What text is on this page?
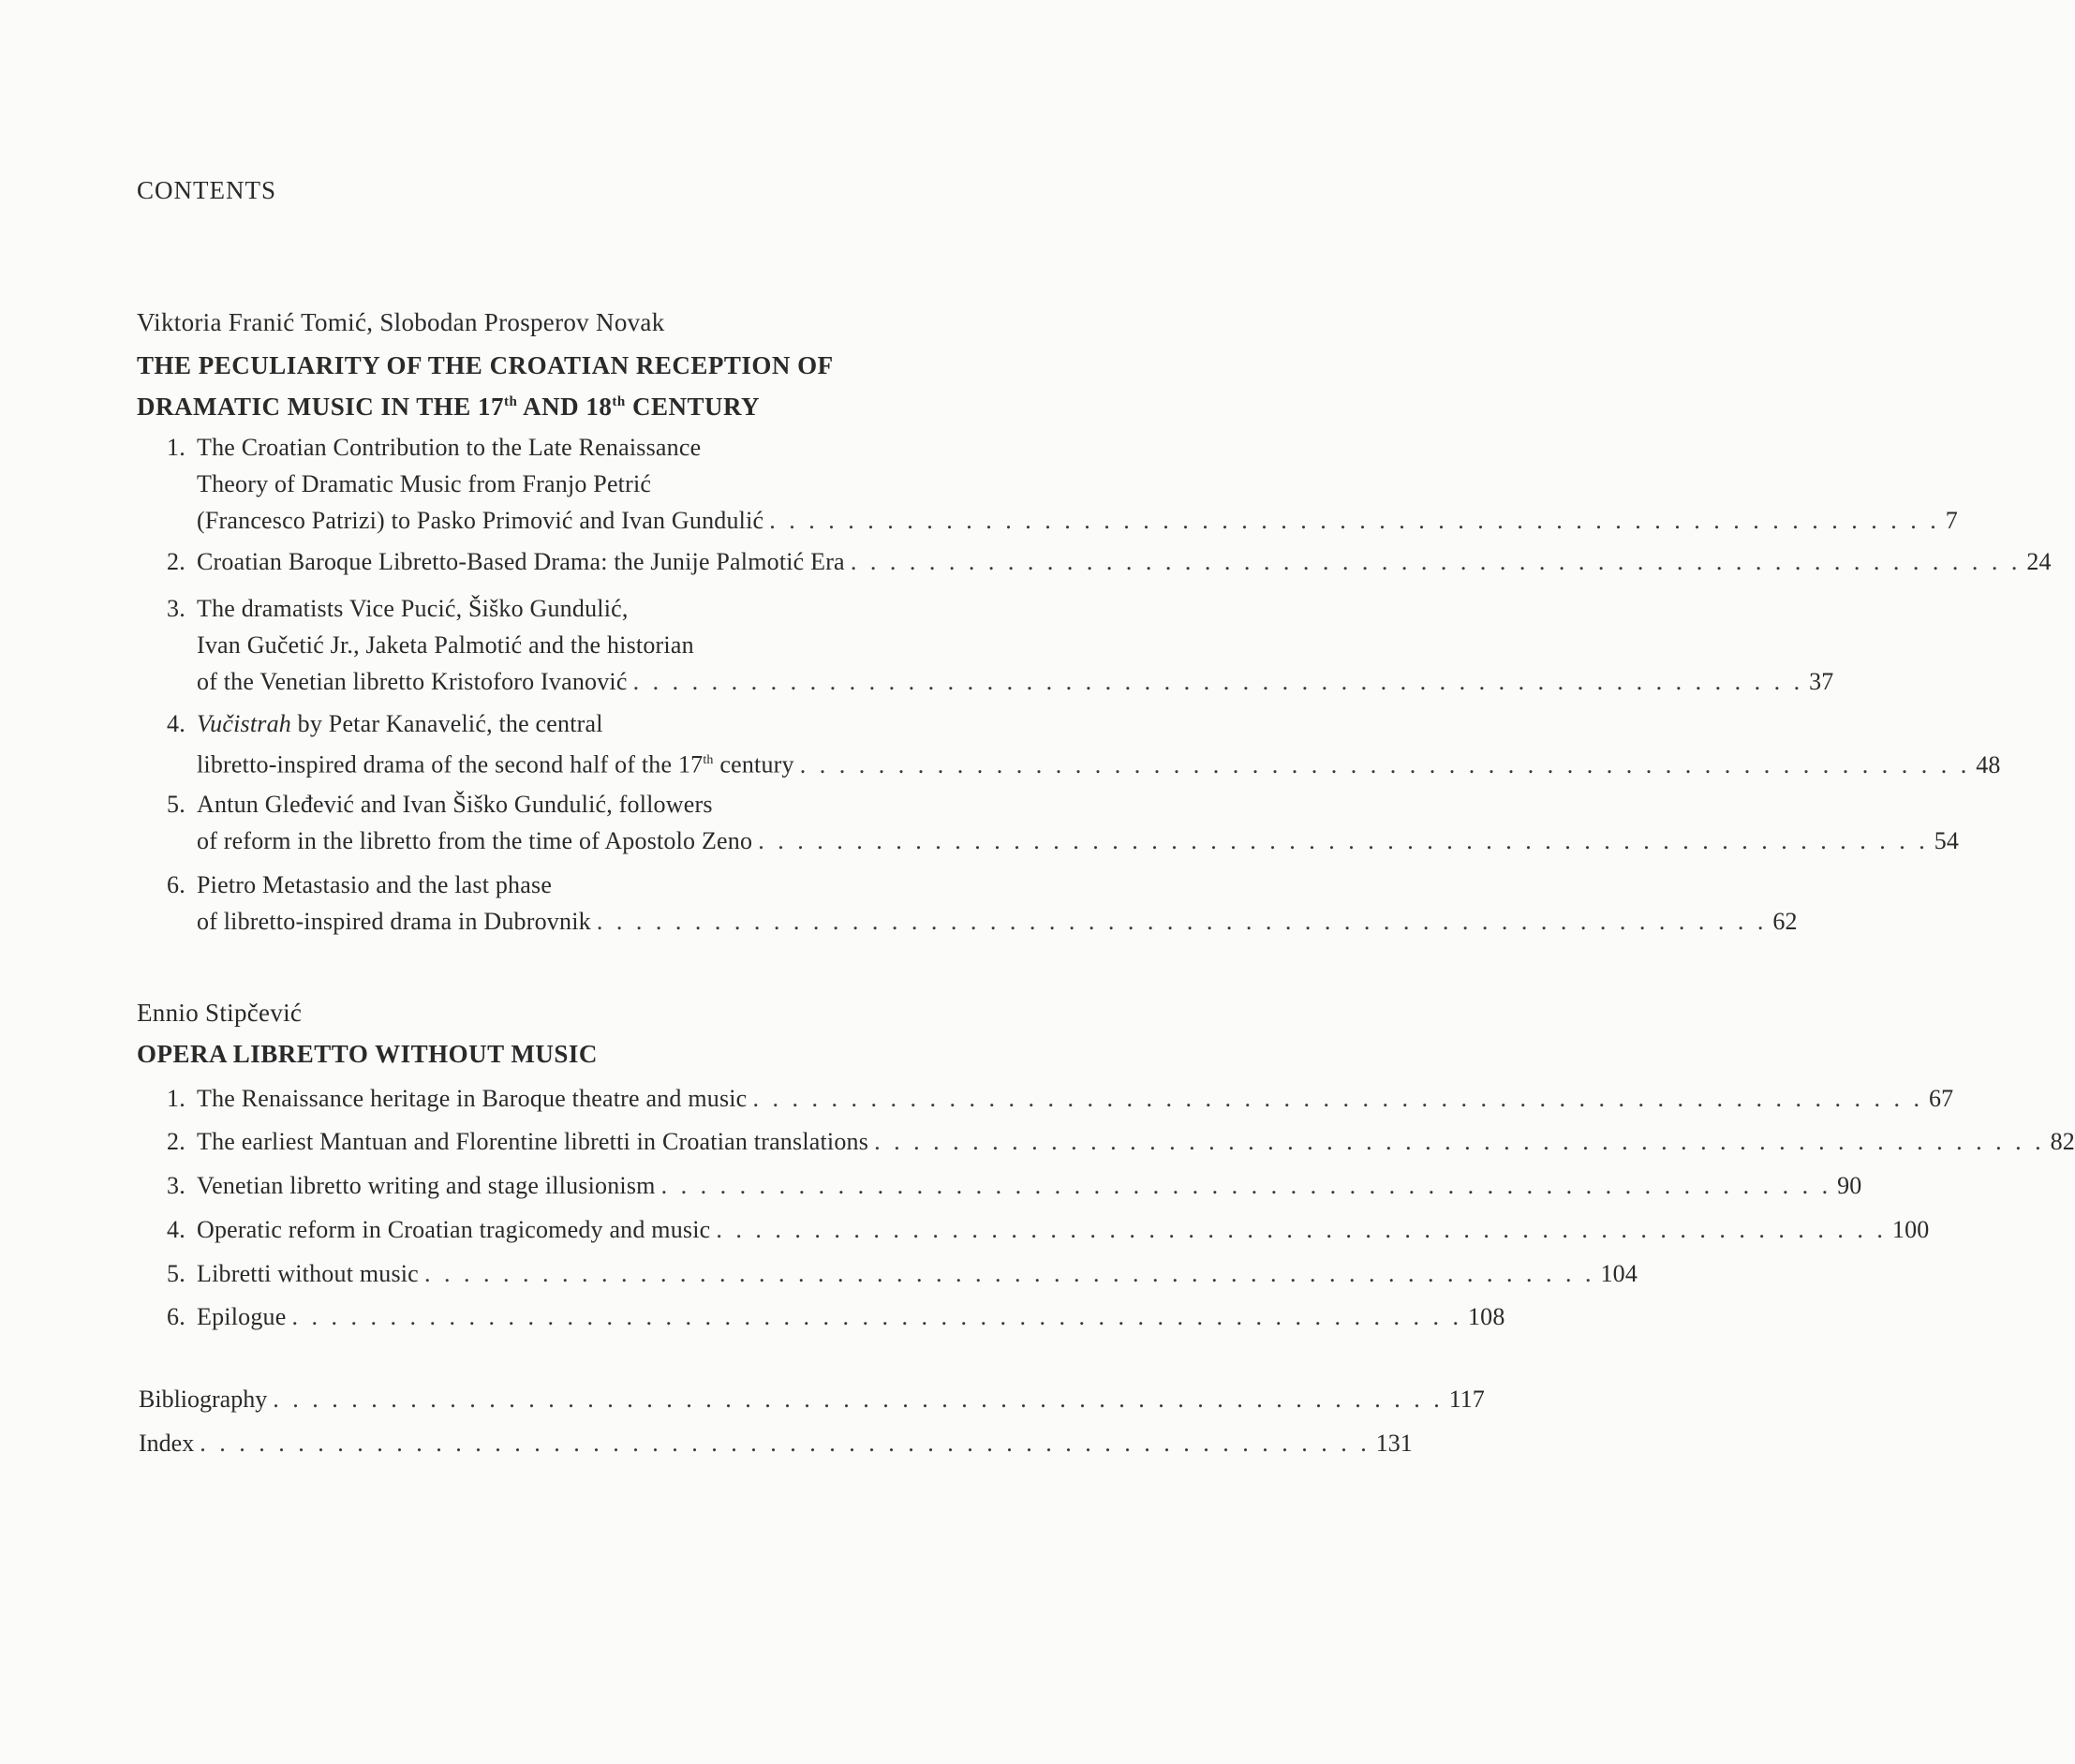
CONTENTS
Viktoria Franić Tomić, Slobodan Prosperov Novak
THE PECULIARITY OF THE CROATIAN RECEPTION OF
DRAMATIC MUSIC IN THE 17th AND 18th CENTURY
1. The Croatian Contribution to the Late Renaissance
Theory of Dramatic Music from Franjo Petrić
(Francesco Patrizi) to Pasko Primović and Ivan Gundulić . . . . . . . . . . . . . . . . . . . . . . . . . . . . . . . . . . . . . . . . . . . . . . . . . . . . . . . . . . . . 7
2. Croatian Baroque Libretto-Based Drama: the Junije Palmotić Era . . . . . . . . . . . . . . . . . . . . . . . . . . . . . . . . . . . . . . . . . . . . . . . . . . . . . . . . . . . . 24
3. The dramatists Vice Pucić, Šiško Gundulić,
Ivan Gučetić Jr., Jaketa Palmotić and the historian
of the Venetian libretto Kristoforo Ivanović . . . . . . . . . . . . . . . . . . . . . . . . . . . . . . . . . . . . . . . . . . . . . . . . . . . . . . . . . . . . 37
4. Vučistrah by Petar Kanavelić, the central
libretto-inspired drama of the second half of the 17th century . . . . . . . . . . . . . . . . . . . . . . . . . . . . . . . . . . . . . . . . . . . . . . . . . . . . . . . . . . . . 48
5. Antun Gleđević and Ivan Šiško Gundulić, followers
of reform in the libretto from the time of Apostolo Zeno . . . . . . . . . . . . . . . . . . . . . . . . . . . . . . . . . . . . . . . . . . . . . . . . . . . . . . . . . . . . 54
6. Pietro Metastasio and the last phase
of libretto-inspired drama in Dubrovnik . . . . . . . . . . . . . . . . . . . . . . . . . . . . . . . . . . . . . . . . . . . . . . . . . . . . . . . . . . . . 62
Ennio Stipčević
OPERA LIBRETTO WITHOUT MUSIC
1. The Renaissance heritage in Baroque theatre and music . . . . . . . . . . . . . . . . . . . . . . . . . . . . . . . . . . . . . . . . . . . . . . . . . . . . . . . . . . . . 67
2. The earliest Mantuan and Florentine libretti in Croatian translations . . . . . . . . . . . . . . . . . . . . . . . . . . . . . . . . . . . . . . . . . . . . . . . . . . . . . . . . . . . . 82
3. Venetian libretto writing and stage illusionism . . . . . . . . . . . . . . . . . . . . . . . . . . . . . . . . . . . . . . . . . . . . . . . . . . . . . . . . . . . . 90
4. Operatic reform in Croatian tragicomedy and music . . . . . . . . . . . . . . . . . . . . . . . . . . . . . . . . . . . . . . . . . . . . . . . . . . . . . . . . . . . . 100
5. Libretti without music . . . . . . . . . . . . . . . . . . . . . . . . . . . . . . . . . . . . . . . . . . . . . . . . . . . . . . . . . . . . 104
6. Epilogue . . . . . . . . . . . . . . . . . . . . . . . . . . . . . . . . . . . . . . . . . . . . . . . . . . . . . . . . . . . . 108
Bibliography . . . . . . . . . . . . . . . . . . . . . . . . . . . . . . . . . . . . . . . . . . . . . . . . . . . . . . . . . . . . 117
Index . . . . . . . . . . . . . . . . . . . . . . . . . . . . . . . . . . . . . . . . . . . . . . . . . . . . . . . . . . . . 131
